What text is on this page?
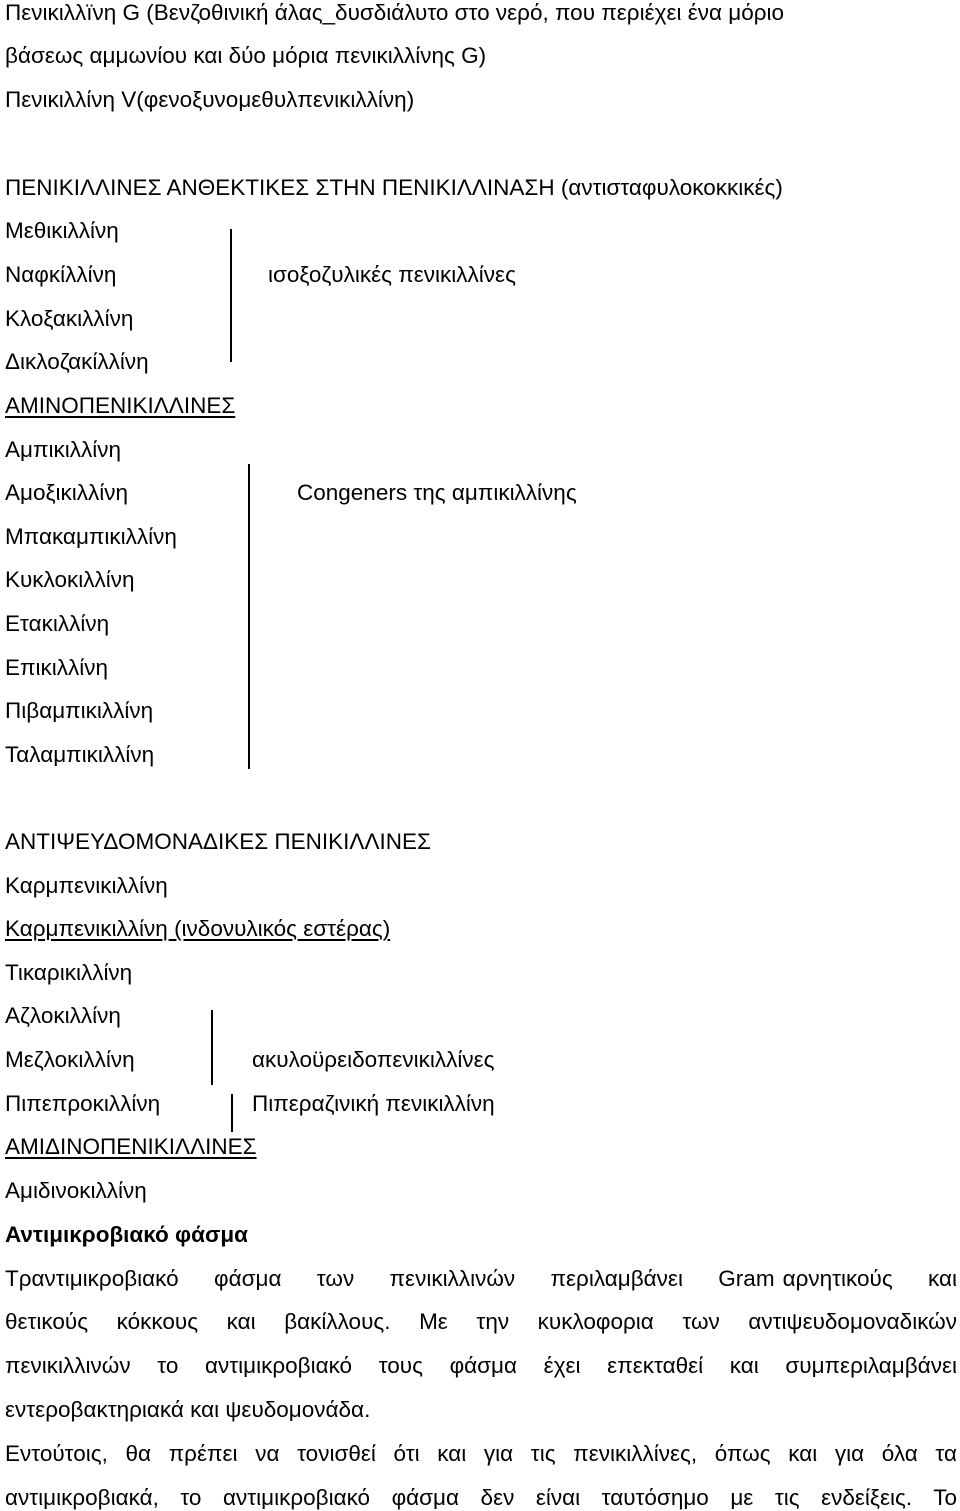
Πενικιλλïνη G (Βενζοθινική άλας_δυσδιάλυτο στο νερό, που περιέχει ένα μόριο
βάσεως αμμωνίου και δύο μόρια πενικιλλίνης G)
Πενικιλλίνη V(φενοξυνομεθυλπενικιλλίνη)
ΠΕΝΙΚΙΛΛΙΝΕΣ ΑΝΘΕΚΤΙΚΕΣ ΣΤΗΝ ΠΕΝΙΚΙΛΛΙΝΑΣΗ (αντισταφυλοκοκκικές)
Μεθικιλλίνη
Ναφκίλλίνη
Κλοξακιλλίνη
Δικλοζακίλλίνη
ισοξοζυλικές πενικιλλίνες
ΑΜΙΝΟΠΕΝΙΚΙΛΛΙΝΕΣ
Αμπικιλλίνη
Αμοξικιλλίνη
Μπακαμπικιλλίνη
Κυκλοκιλλίνη
Ετακιλλίνη
Επικιλλίνη
Πιβαμπικιλλίνη
Ταλαμπικιλλίνη
Congeners της αμπικιλλίνης
ΑΝΤΙΨΕΥΔΟΜΟΝΑΔΙΚΕΣ ΠΕΝΙΚΙΛΛΙΝΕΣ
Καρμπενικιλλίνη
Καρμπενικιλλίνη (ινδονυλικός εστέρας)
Τικαρικιλλίνη
Αζλοκιλλίνη
Μεζλοκιλλίνη
Πιπεπροκιλλίνη
ακυλοϋρειδοπενικιλλίνες
Πιπεραζινική πενικιλλίνη
ΑΜΙΔΙΝΟΠΕΝΙΚΙΛΛΙΝΕΣ
Αμιδινοκιλλίνη
Αντιμικροβιακό φάσμα
Τραντιμικροβιακό φάσμα των πενικιλλινών περιλαμβάνει Gram αρνητικούς και
θετικούς κόκκους και βακίλλους. Με την κυκλοφορια των αντιψευδομοναδικών
πενικιλλινών το αντιμικροβιακό τους φάσμα έχει επεκταθεί και συμπεριλαμβάνει
εντεροβακτηριακά και ψευδομονάδα.
Εντούτοις, θα πρέπει να τονισθεί ότι και για τις πενικιλλίνες, όπως και για όλα τα
αντιμικροβιακά, το αντιμικροβιακό φάσμα δεν είναι ταυτόσημο με τις ενδείξεις. Το
